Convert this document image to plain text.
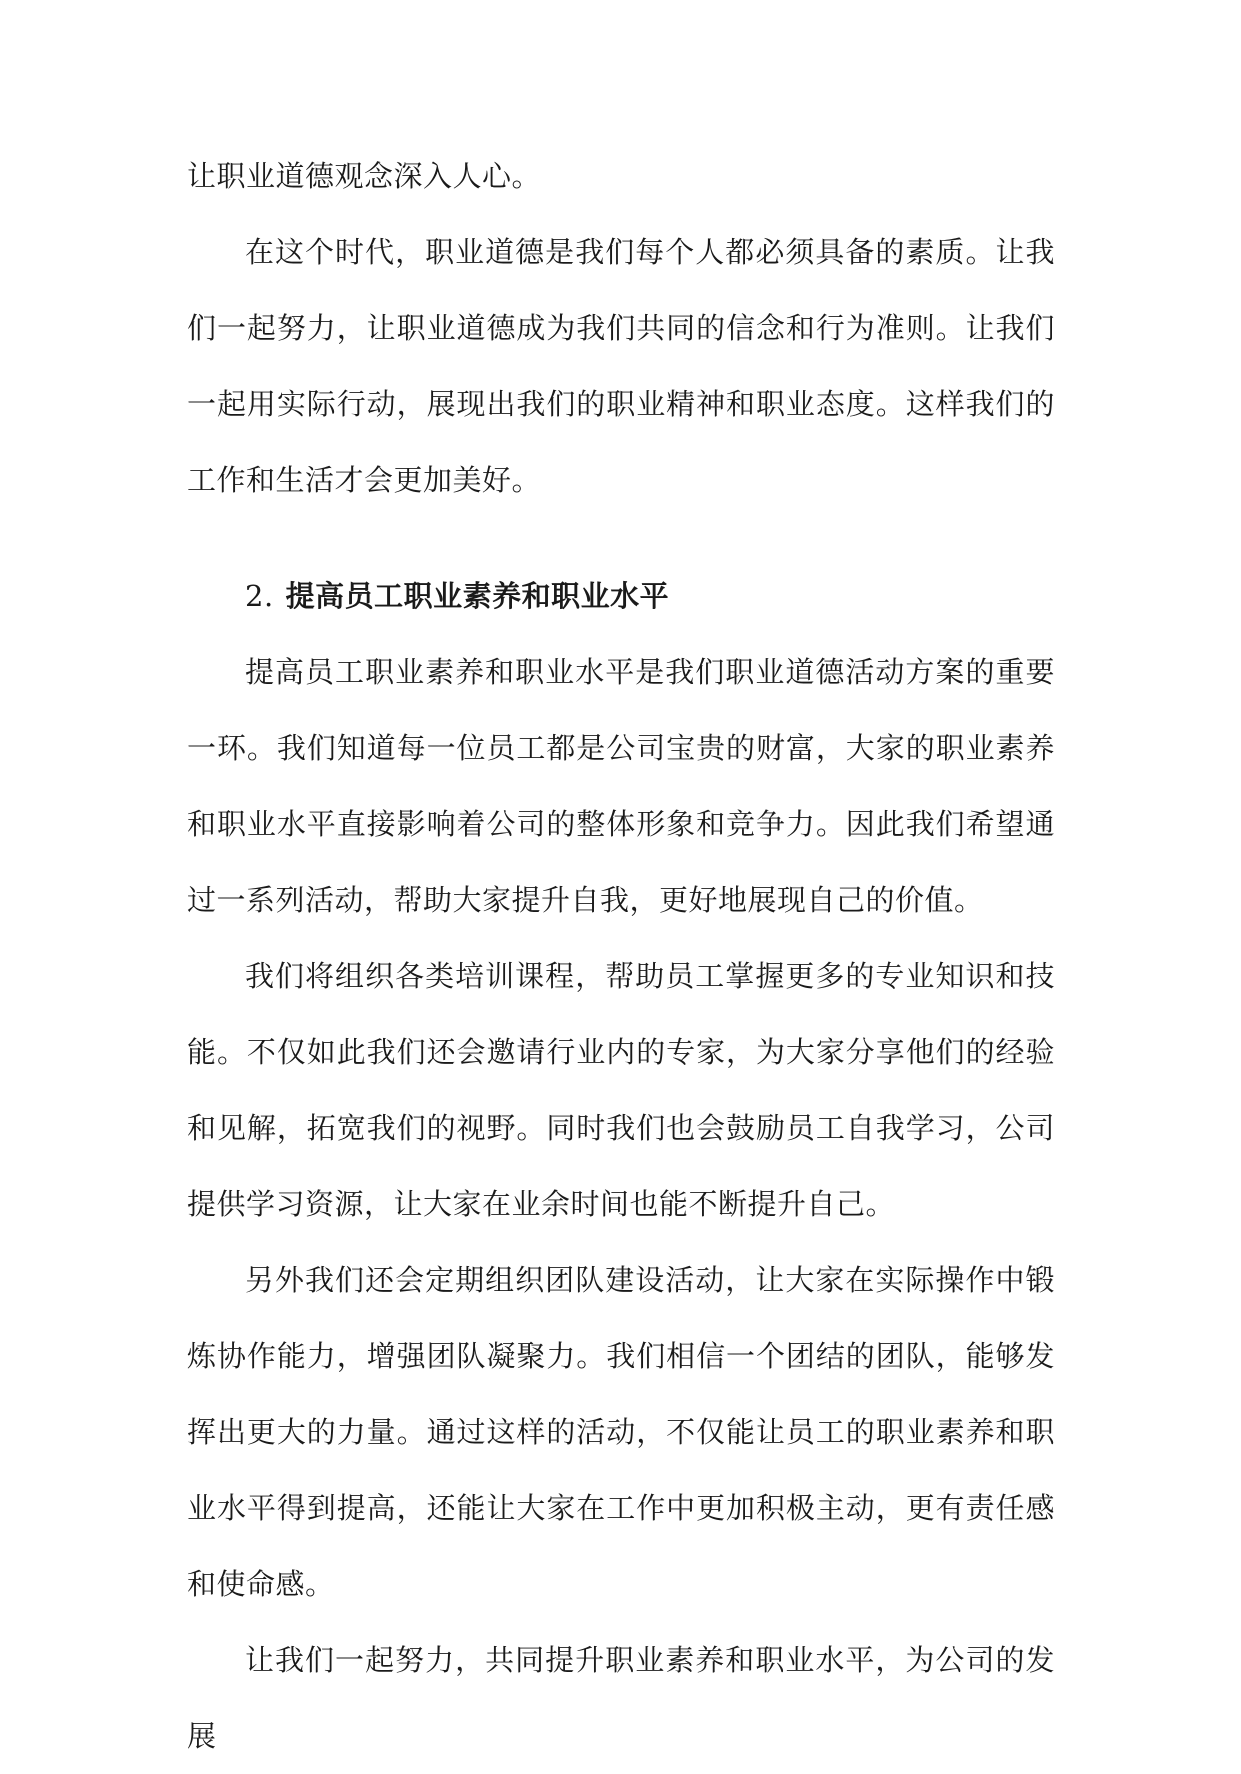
让职业道德观念深入人心。

在这个时代，职业道德是我们每个人都必须具备的素质。让我们一起努力，让职业道德成为我们共同的信念和行为准则。让我们一起用实际行动，展现出我们的职业精神和职业态度。这样我们的工作和生活才会更加美好。

2. 提高员工职业素养和职业水平

提高员工职业素养和职业水平是我们职业道德活动方案的重要一环。我们知道每一位员工都是公司宝贵的财富，大家的职业素养和职业水平直接影响着公司的整体形象和竞争力。因此我们希望通过一系列活动，帮助大家提升自我，更好地展现自己的价值。

我们将组织各类培训课程，帮助员工掌握更多的专业知识和技能。不仅如此我们还会邀请行业内的专家，为大家分享他们的经验和见解，拓宽我们的视野。同时我们也会鼓励员工自我学习，公司提供学习资源，让大家在业余时间也能不断提升自己。

另外我们还会定期组织团队建设活动，让大家在实际操作中锻炼协作能力，增强团队凝聚力。我们相信一个团结的团队，能够发挥出更大的力量。通过这样的活动，不仅能让员工的职业素养和职业水平得到提高，还能让大家在工作中更加积极主动，更有责任感和使命感。

让我们一起努力，共同提升职业素养和职业水平，为公司的发展
